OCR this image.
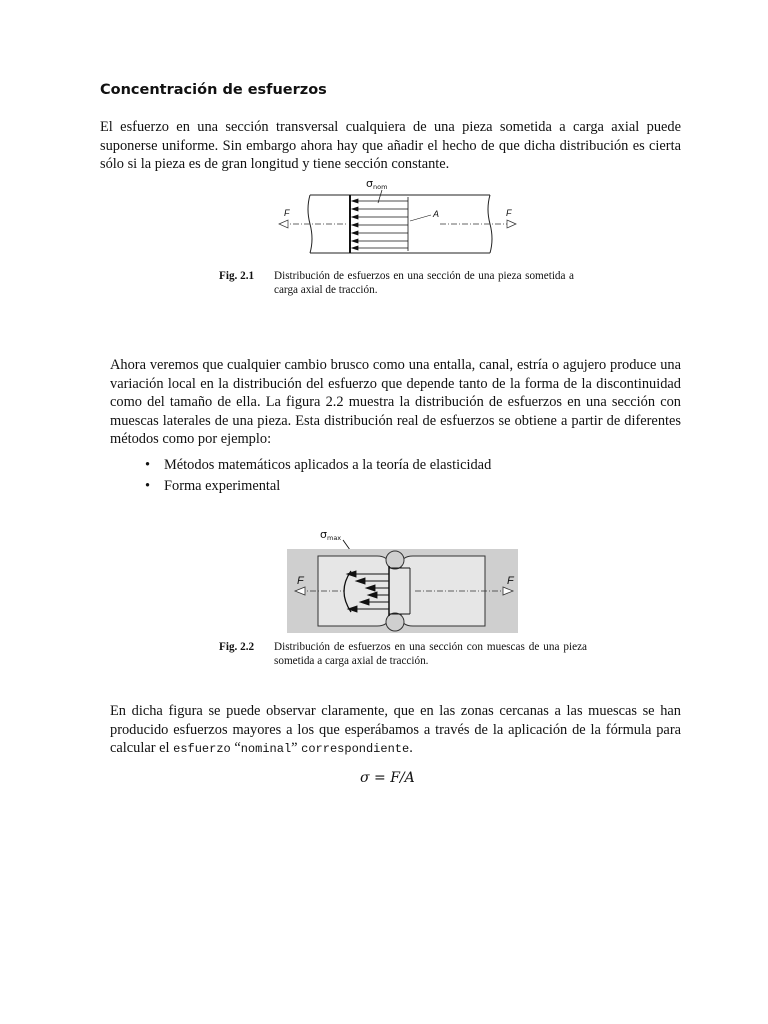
Concentración de esfuerzos

El esfuerzo en una sección transversal cualquiera de una pieza sometida a carga axial puede suponerse uniforme. Sin embargo ahora hay que añadir el hecho de que dicha distribución es cierta sólo si la pieza es de gran longitud y tiene sección constante.

σnom
F	F
A
Fig. 2.1 Distribución de esfuerzos en una sección de una pieza sometida a carga axial de tracción.

Ahora veremos que cualquier cambio brusco como una entalla, canal, estría o agujero produce una variación local en la distribución del esfuerzo que depende tanto de la forma de la discontinuidad como del tamaño de ella. La figura 2.2 muestra la distribución de esfuerzos en una sección con muescas laterales de una pieza. Esta distribución real de esfuerzos se obtiene a partir de diferentes métodos como por ejemplo:

• Métodos matemáticos aplicados a la teoría de elasticidad
• Forma experimental
σmax
F	F
Fig. 2.2 Distribución de esfuerzos en una sección con muescas de una pieza sometida a carga axial de tracción.

En dicha figura se puede observar claramente, que en las zonas cercanas a las muescas se han producido esfuerzos mayores a los que esperábamos a través de la aplicación de la fórmula para calcular el esfuerzo “nominal” correspondiente.

σ = F/A
